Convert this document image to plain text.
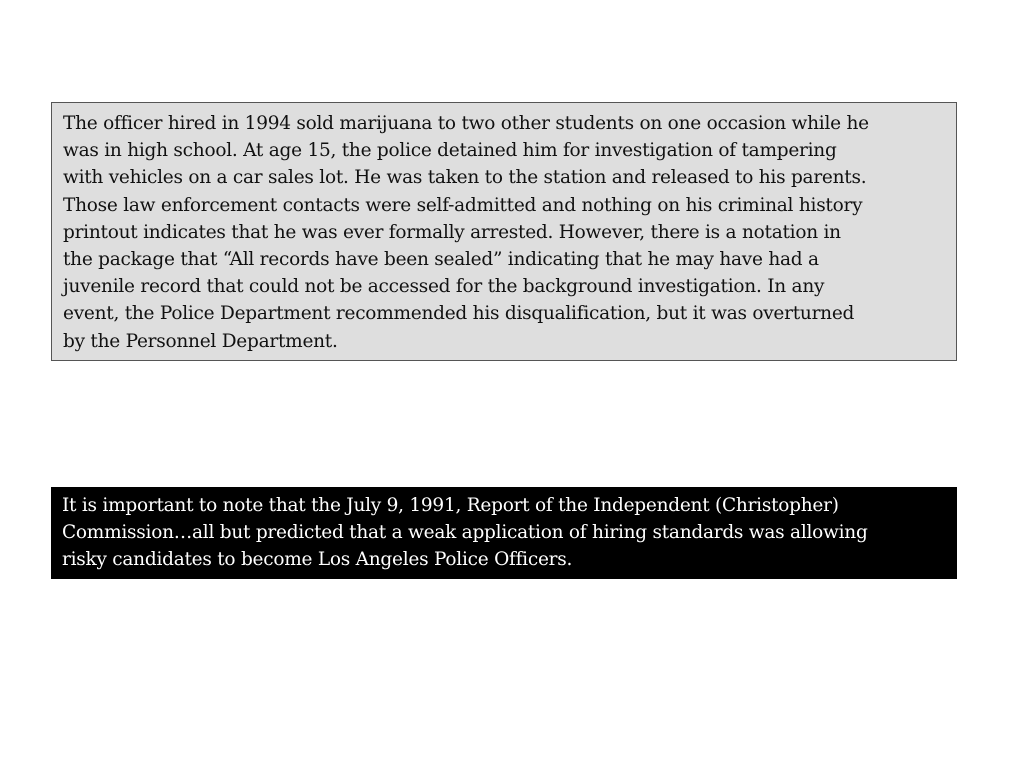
The officer hired in 1994 sold marijuana to two other students on one occasion while he
was in high school. At age 15, the police detained him for investigation of tampering
with vehicles on a car sales lot. He was taken to the station and released to his parents.
Those law enforcement contacts were self-admitted and nothing on his criminal history
printout indicates that he was ever formally arrested. However, there is a notation in
the package that “All records have been sealed” indicating that he may have had a
juvenile record that could not be accessed for the background investigation. In any
event, the Police Department recommended his disqualification, but it was overturned
by the Personnel Department.

It is important to note that the July 9, 1991, Report of the Independent (Christopher)
Commission…all but predicted that a weak application of hiring standards was allowing
risky candidates to become Los Angeles Police Officers.
